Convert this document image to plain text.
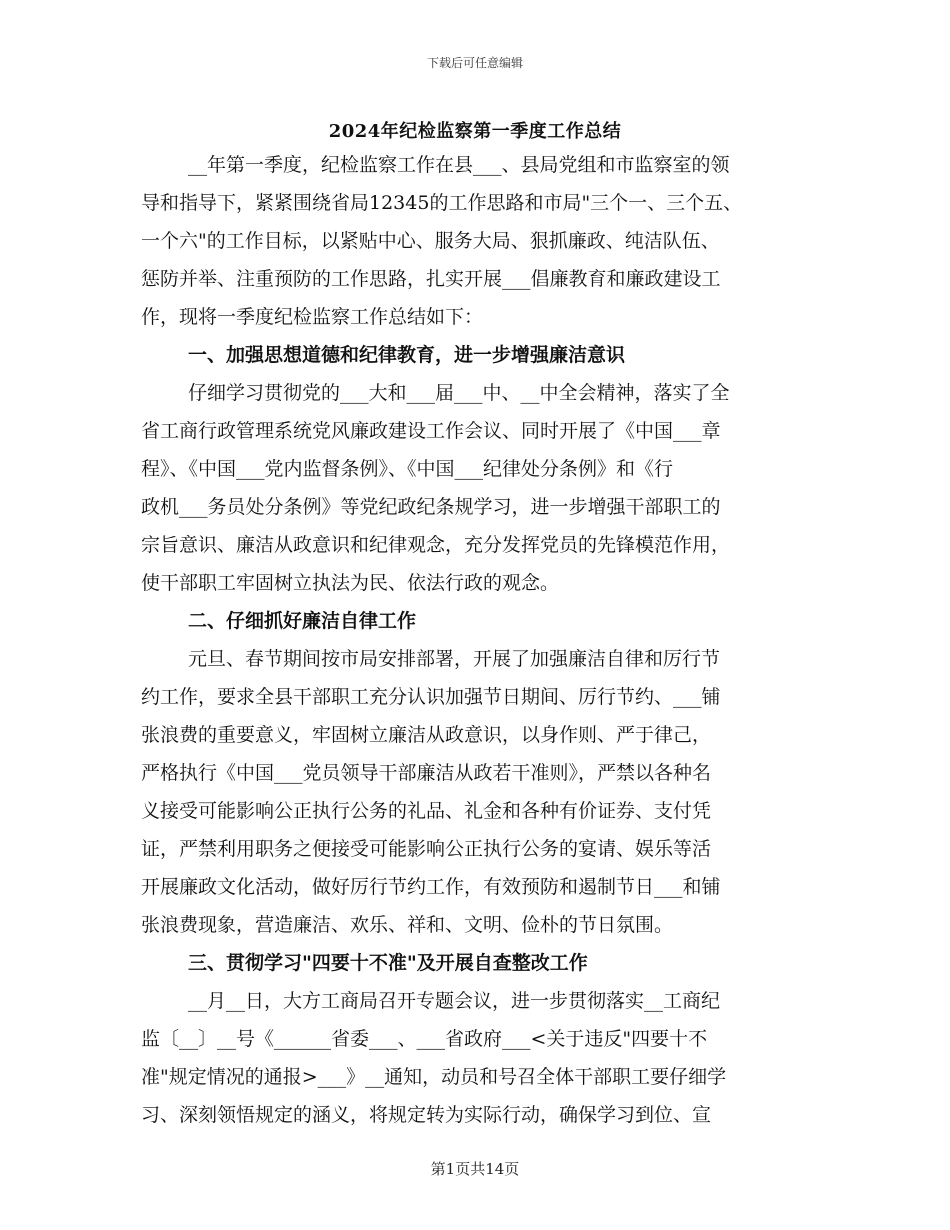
下载后可任意编辑
2024年纪检监察第一季度工作总结
__年第一季度，纪检监察工作在县___、县局党组和市监察室的领
导和指导下，紧紧围绕省局12345的工作思路和市局"三个一、三个五、
一个六"的工作目标，以紧贴中心、服务大局、狠抓廉政、纯洁队伍、
惩防并举、注重预防的工作思路，扎实开展___倡廉教育和廉政建设工
作，现将一季度纪检监察工作总结如下：
一、加强思想道德和纪律教育，进一步增强廉洁意识
仔细学习贯彻党的___大和___届___中、__中全会精神，落实了全
省工商行政管理系统党风廉政建设工作会议、同时开展了《中国___章
程》、《中国___党内监督条例》、《中国___纪律处分条例》和《行
政机___务员处分条例》等党纪政纪条规学习，进一步增强干部职工的
宗旨意识、廉洁从政意识和纪律观念，充分发挥党员的先锋模范作用，
使干部职工牢固树立执法为民、依法行政的观念。
二、仔细抓好廉洁自律工作
元旦、春节期间按市局安排部署，开展了加强廉洁自律和厉行节
约工作，要求全县干部职工充分认识加强节日期间、厉行节约、___铺
张浪费的重要意义，牢固树立廉洁从政意识，以身作则、严于律己，
严格执行《中国___党员领导干部廉洁从政若干准则》，严禁以各种名
义接受可能影响公正执行公务的礼品、礼金和各种有价证券、支付凭
证，严禁利用职务之便接受可能影响公正执行公务的宴请、娱乐等活
开展廉政文化活动，做好厉行节约工作，有效预防和遏制节日___和铺
张浪费现象，营造廉洁、欢乐、祥和、文明、俭朴的节日氛围。
三、贯彻学习"四要十不准"及开展自查整改工作
__月__日，大方工商局召开专题会议，进一步贯彻落实__工商纪
监〔__〕__号《______省委___、___省政府___<关于违反"四要十不
准"规定情况的通报>___》__通知，动员和号召全体干部职工要仔细学
习、深刻领悟规定的涵义，将规定转为实际行动，确保学习到位、宣
第1页共14页
